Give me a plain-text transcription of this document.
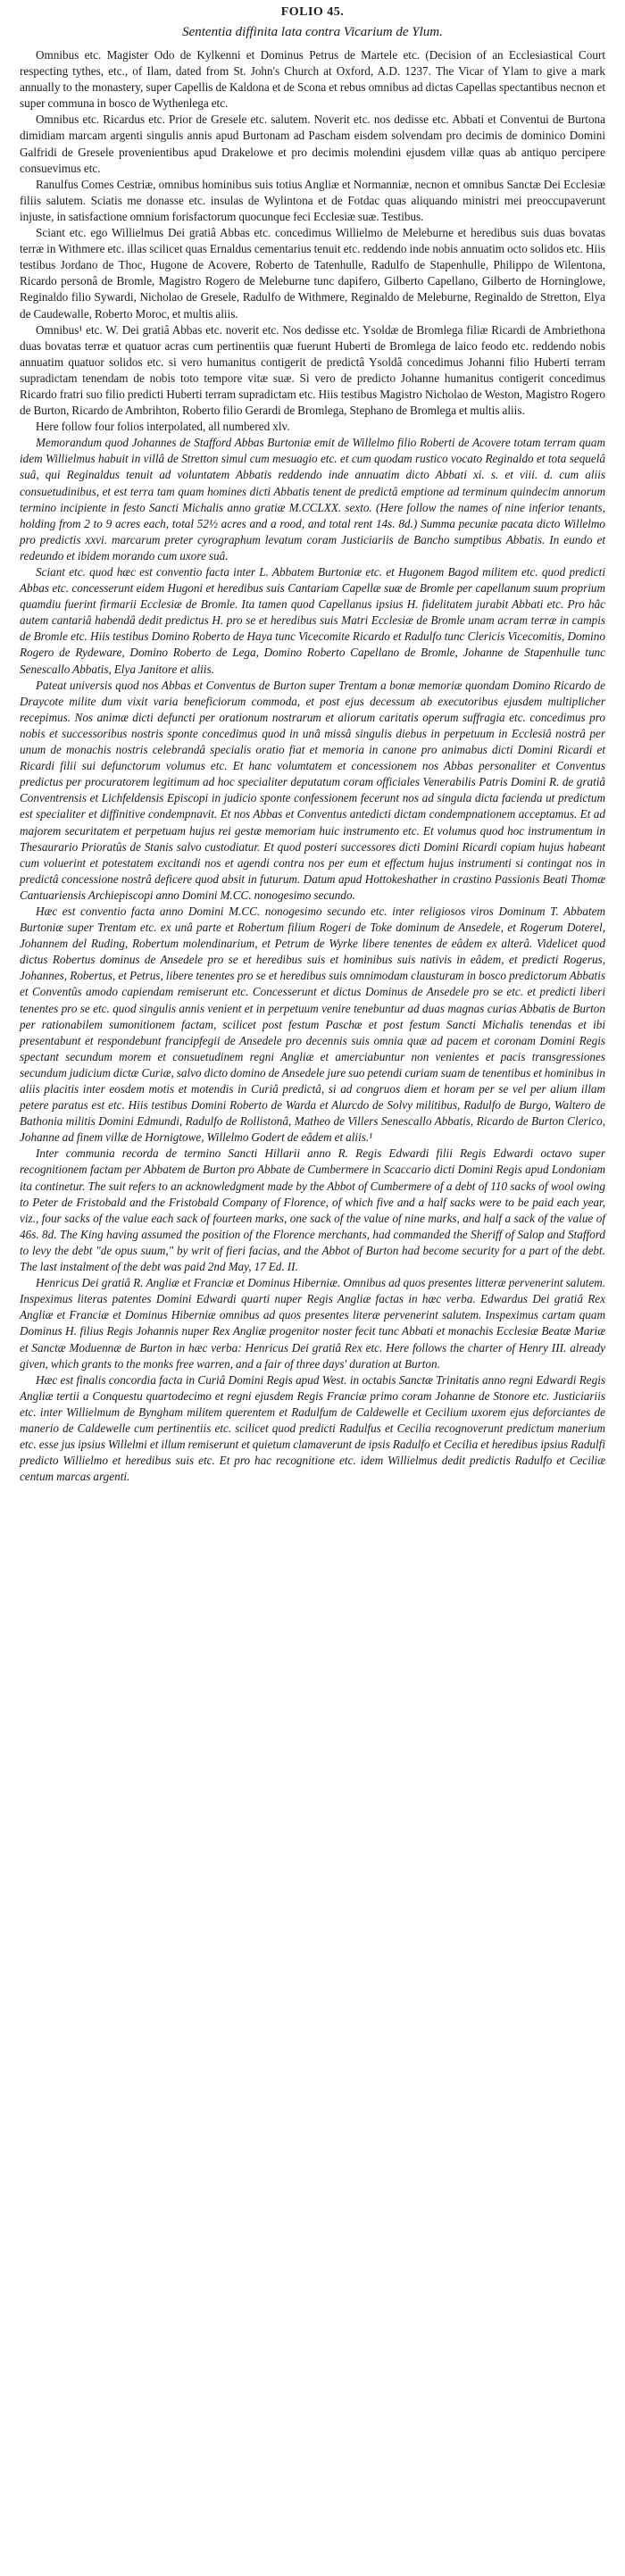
FOLIO 45.
Sententia diffinita lata contra Vicarium de Ylum.

Omnibus etc. Magister Odo de Kylkenni et Dominus Petrus de Martele etc. (Decision of an Ecclesiastical Court respecting tythes, etc., of Ilam, dated from St. John's Church at Oxford, A.D. 1237. The Vicar of Ylam to give a mark annually to the monastery, super Capellis de Kaldona et de Scona et rebus omnibus ad dictas Capellas spectantibus necnon et super communa in bosco de Wythenlega etc.

Omnibus etc. Ricardus etc. Prior de Gresele etc. salutem. Noverit etc. nos dedisse etc. Abbati et Conventui de Burtona dimidiam marcam argenti singulis annis apud Burtonam ad Pascham eisdem solvendam pro decimis de dominico Domini Galfridi de Gresele provenientibus apud Drakelowe et pro decimis molendini ejusdem villæ quas ab antiquo percipere consuevimus etc.

Ranulfus Comes Cestriæ, omnibus hominibus suis totius Angliæ et Normanniæ, necnon et omnibus Sanctæ Dei Ecclesiæ filiis salutem. Sciatis me donasse etc. insulas de Wylintona et de Fotdac quas aliquando ministri mei preoccupaverunt injuste, in satisfactione omnium forisfactorum quocunque feci Ecclesiæ suæ. Testibus.

Sciant etc. ego Willielmus Dei gratiâ Abbas etc. concedimus Willielmo de Meleburne et heredibus suis duas bovatas terræ in Withmere etc. illas scilicet quas Ernaldus cementarius tenuit etc. reddendo inde nobis annuatim octo solidos etc. Hiis testibus Jordano de Thoc, Hugone de Acovere, Roberto de Tatenhulle, Radulfo de Stapenhulle, Philippo de Wilentona, Ricardo personâ de Bromle, Magistro Rogero de Meleburne tunc dapifero, Gilberto Capellano, Gilberto de Horninglowe, Reginaldo filio Sywardi, Nicholao de Gresele, Radulfo de Withmere, Reginaldo de Meleburne, Reginaldo de Stretton, Elya de Caudewalle, Roberto Moroc, et multis aliis.

Omnibus¹ etc. W. Dei gratiâ Abbas etc. noverit etc. Nos dedisse etc. Ysoldæ de Bromlega filiæ Ricardi de Ambriethona duas bovatas terræ et quatuor acras cum pertinentiis quæ fuerunt Huberti de Bromlega de laico feodo etc. reddendo nobis annuatim quatuor solidos etc. si vero humanitus contigerit de predictâ Ysoldâ concedimus Johanni filio Huberti terram supradictam tenendam de nobis toto tempore vitæ suæ. Si vero de predicto Johanne humanitus contigerit concedimus Ricardo fratri suo filio predicti Huberti terram supradictam etc. Hiis testibus Magistro Nicholao de Weston, Magistro Rogero de Burton, Ricardo de Ambrihton, Roberto filio Gerardi de Bromlega, Stephano de Bromlega et multis aliis.

Here follow four folios interpolated, all numbered xlv.

Memorandum quod Johannes de Stafford Abbas Burtoniæ emit de Willelmo filio Roberti de Acovere totam terram quam idem Willielmus habuit in villâ de Stretton simul cum mesuagio etc. et cum quodam rustico vocato Reginaldo et tota sequelâ suâ, qui Reginaldus tenuit ad voluntatem Abbatis reddendo inde annuatim dicto Abbati xi. s. et viii. d. cum aliis consuetudinibus, et est terra tam quam homines dicti Abbatis tenent de predictâ emptione ad terminum quindecim annorum termino incipiente in festo Sancti Michalis anno gratiæ M.CCLXX. sexto. (Here follow the names of nine inferior tenants, holding from 2 to 9 acres each, total 52½ acres and a rood, and total rent 14s. 8d.) Summa pecuniæ pacata dicto Willelmo pro predictis xxvi. marcarum preter cyrographum levatum coram Justiciariis de Bancho sumptibus Abbatis. In eundo et redeundo et ibidem morando cum uxore suâ.

Sciant etc. quod hæc est conventio facta inter L. Abbatem Burtoniæ etc. et Hugonem Bagod militem etc. quod predicti Abbas etc. concesserunt eidem Hugoni et heredibus suis Cantariam Capellæ suæ de Bromle per capellanum suum proprium quamdiu fuerint firmarii Ecclesiæ de Bromle. Ita tamen quod Capellanus ipsius H. fidelitatem jurabit Abbati etc. Pro hâc autem cantariâ habendâ dedit predictus H. pro se et heredibus suis Matri Ecclesiæ de Bromle unam acram terræ in campis de Bromle etc. Hiis testibus Domino Roberto de Haya tunc Vicecomite Ricardo et Radulfo tunc Clericis Vicecomitis, Domino Rogero de Rydeware, Domino Roberto de Lega, Domino Roberto Capellano de Bromle, Johanne de Stapenhulle tunc Senescallo Abbatis, Elya Janitore et aliis.

Pateat universis quod nos Abbas et Conventus de Burton super Trentam a bonæ memoriæ quondam Domino Ricardo de Draycote milite dum vixit varia beneficiorum commoda, et post ejus decessum ab executoribus ejusdem multiplicher recepimus. Nos animæ dicti defuncti per orationum nostrarum et aliorum caritatis operum suffragia etc. concedimus pro nobis et successoribus nostris sponte concedimus quod in unâ missâ singulis diebus in perpetuum in Ecclesiâ nostrâ per unum de monachis nostris celebrandâ specialis oratio fiat et memoria in canone pro animabus dicti Domini Ricardi et Ricardi filii sui defunctorum volumus etc. Et hanc volumtatem et concessionem nos Abbas personaliter et Conventus predictus per procuratorem legitimum ad hoc specialiter deputatum coram officiales Venerabilis Patris Domini R. de gratiâ Conventrensis et Lichfeldensis Episcopi in judicio sponte confessionem fecerunt nos ad singula dicta facienda ut predictum est specialiter et diffinitive condempnavit. Et nos Abbas et Conventus antedicti dictam condempnationem acceptamus. Et ad majorem securitatem et perpetuam hujus rei gestæ memoriam huic instrumento etc. Et volumus quod hoc instrumentum in Thesaurario Prioratûs de Stanis salvo custodiatur. Et quod posteri successores dicti Domini Ricardi copiam hujus habeant cum voluerint et potestatem excitandi nos et agendi contra nos per eum et effectum hujus instrumenti si contingat nos in predictâ concessione nostrâ deficere quod absit in futurum. Datum apud Hottokeshather in crastino Passionis Beati Thomæ Cantuariensis Archiepiscopi anno Domini M.CC. nonogesimo secundo.

Hæc est conventio facta anno Domini M.CC. nonogesimo secundo etc. inter religiosos viros Dominum T. Abbatem Burtoniæ super Trentam etc. ex unâ parte et Robertum filium Rogeri de Toke dominum de Ansedele, et Rogerum Doterel, Johannem del Ruding, Robertum molendinarium, et Petrum de Wyrke libere tenentes de eâdem ex alterâ. Videlicet quod dictus Robertus dominus de Ansedele pro se et heredibus suis et hominibus suis nativis in eâdem, et predicti Rogerus, Johannes, Robertus, et Petrus, libere tenentes pro se et heredibus suis omnimodam clausturam in bosco predictorum Abbatis et Conventûs amodo capiendam remiserunt etc. Concesserunt et dictus Dominus de Ansedele pro se etc. et predicti liberi tenentes pro se etc. quod singulis annis venient et in perpetuum venire tenebuntur ad duas magnas curias Abbatis de Burton per rationabilem sumonitionem factam, scilicet post festum Paschæ et post festum Sancti Michalis tenendas et ibi presentabunt et respondebunt francipfegii de Ansedele pro decennis suis omnia quæ ad pacem et coronam Domini Regis spectant secundum morem et consuetudinem regni Angliæ et amerciabuntur non venientes et pacis transgressiones secundum judicium dictæ Curiæ, salvo dicto domino de Ansedele jure suo petendi curiam suam de tenentibus et hominibus in aliis placitis inter eosdem motis et motendis in Curiâ predictâ, si ad congruos diem et horam per se vel per alium illam petere paratus est etc. Hiis testibus Domini Roberto de Warda et Alurcdo de Solvy militibus, Radulfo de Burgo, Waltero de Bathonia militis Domini Edmundi, Radulfo de Rollistonâ, Matheo de Villers Senescallo Abbatis, Ricardo de Burton Clerico, Johanne ad finem villæ de Hornigtowe, Willelmo Godert de eâdem et aliis.¹

Inter communia recorda de termino Sancti Hillarii anno R. Regis Edwardi filii Regis Edwardi octavo super recognitionem factam per Abbatem de Burton pro Abbate de Cumbermere in Scaccario dicti Domini Regis apud Londoniam ita continetur. The suit refers to an acknowledgment made by the Abbot of Cumbermere of a debt of 110 sacks of wool owing to Peter de Fristobald and the Fristobald Company of Florence, of which five and a half sacks were to be paid each year, viz., four sacks of the value each sack of fourteen marks, one sack of the value of nine marks, and half a sack of the value of 46s. 8d. The King having assumed the position of the Florence merchants, had commanded the Sheriff of Salop and Stafford to levy the debt "de opus suum," by writ of fieri facias, and the Abbot of Burton had become security for a part of the debt. The last instalment of the debt was paid 2nd May, 17 Ed. II.

Henricus Dei gratiâ R. Angliæ et Franciæ et Dominus Hiberniæ. Omnibus ad quos presentes litteræ pervenerint salutem. Inspeximus literas patentes Domini Edwardi quarti nuper Regis Angliæ factas in hæc verba. Edwardus Dei gratiâ Rex Angliæ et Franciæ et Dominus Hiberniæ omnibus ad quos presentes literæ pervenerint salutem. Inspeximus cartam quam Dominus H. filius Regis Johannis nuper Rex Angliæ progenitor noster fecit tunc Abbati et monachis Ecclesiæ Beatæ Mariæ et Sanctæ Moduennæ de Burton in hæc verba: Henricus Dei gratiâ Rex etc. Here follows the charter of Henry III. already given, which grants to the monks free warren, and a fair of three days' duration at Burton.

Hæc est finalis concordia facta in Curiâ Domini Regis apud West. in octabis Sanctæ Trinitatis anno regni Edwardi Regis Angliæ tertii a Conquestu quartodecimo et regni ejusdem Regis Franciæ primo coram Johanne de Stonore etc. Justiciariis etc. inter Willielmum de Byngham militem querentem et Radulfum de Caldewelle et Cecilium uxorem ejus deforciantes de manerio de Caldewelle cum pertinentiis etc. scilicet quod predicti Radulfus et Cecilia recognoverunt predictum manerium etc. esse jus ipsius Willelmi et illum remiserunt et quietum clamaverunt de ipsis Radulfo et Cecilia et heredibus ipsius Radulfi predicto Willielmo et heredibus suis etc. Et pro hac recognitione etc. idem Willielmus dedit predictis Radulfo et Ceciliæ centum marcas argenti.
